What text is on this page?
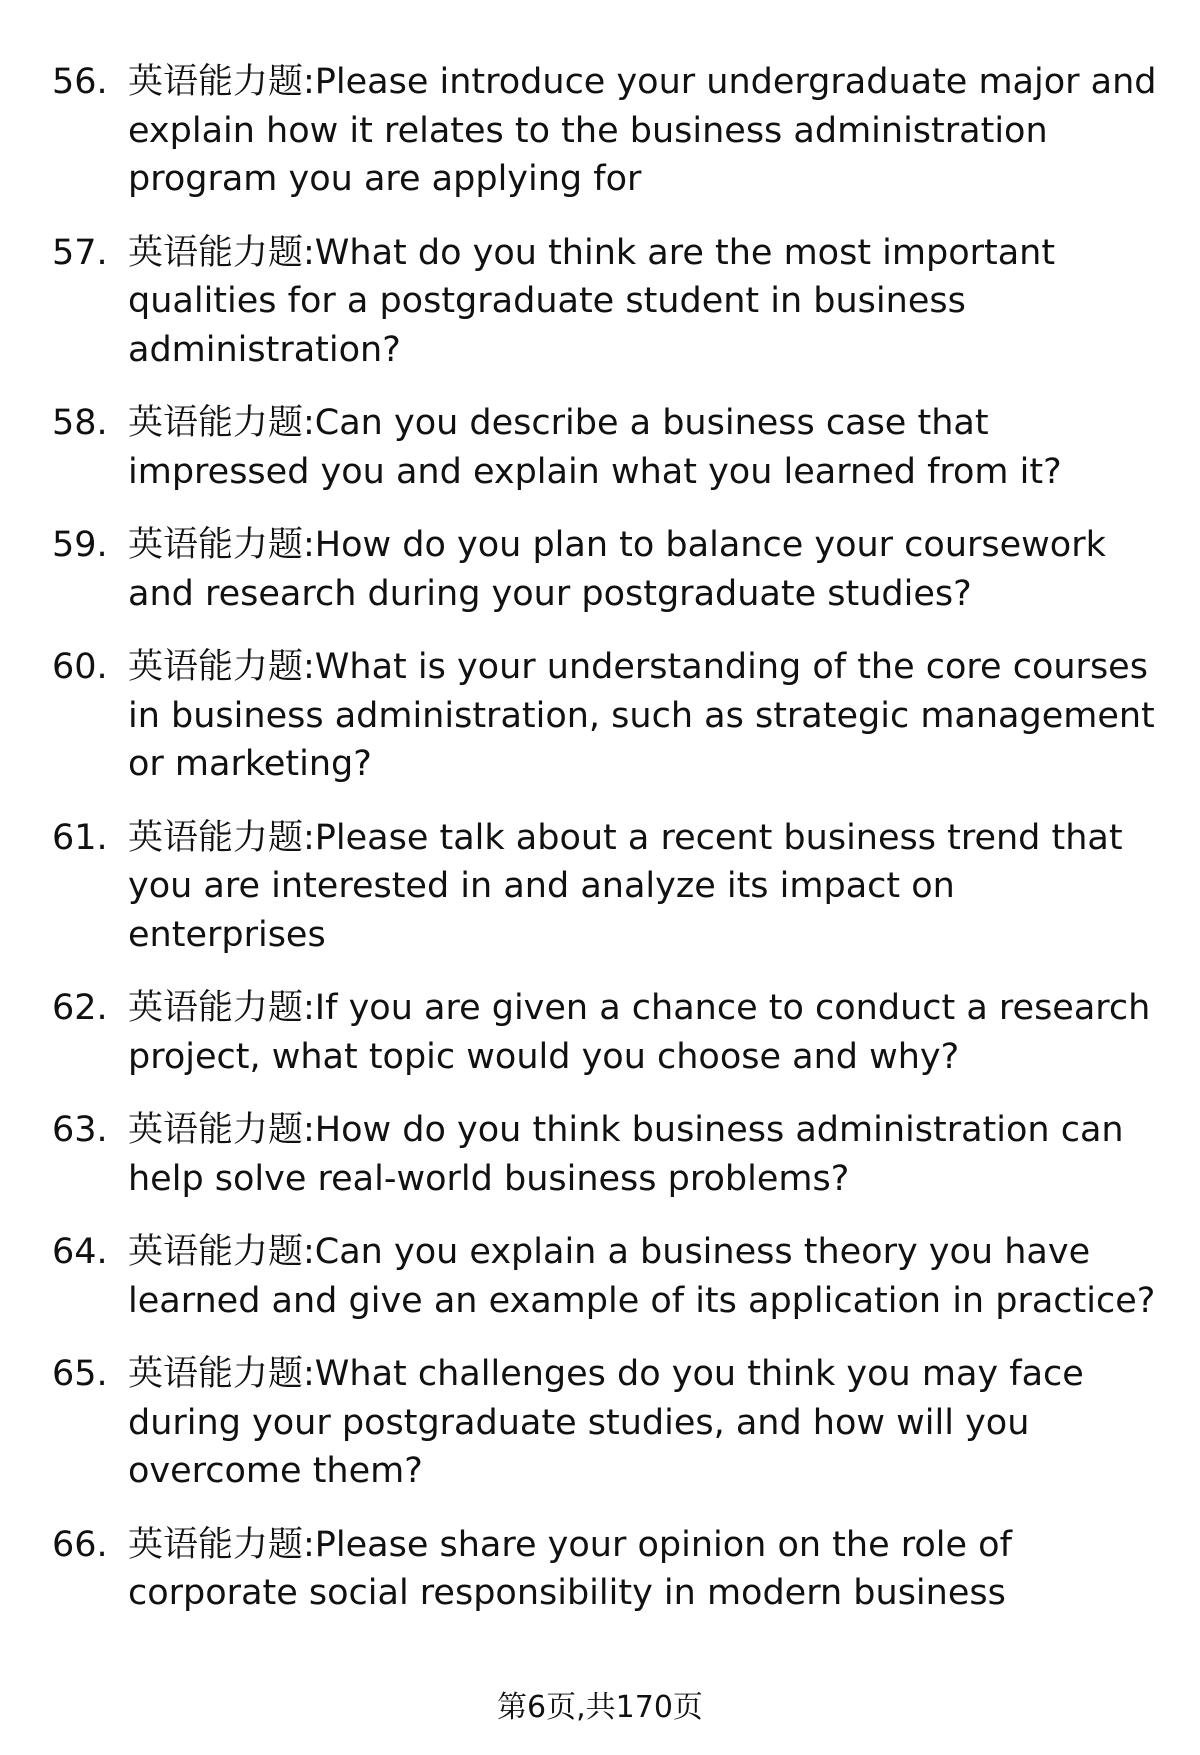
56. 英语能力题:Please introduce your undergraduate major and explain how it relates to the business administration program you are applying for
57. 英语能力题:What do you think are the most important qualities for a postgraduate student in business administration?
58. 英语能力题:Can you describe a business case that impressed you and explain what you learned from it?
59. 英语能力题:How do you plan to balance your coursework and research during your postgraduate studies?
60. 英语能力题:What is your understanding of the core courses in business administration, such as strategic management or marketing?
61. 英语能力题:Please talk about a recent business trend that you are interested in and analyze its impact on enterprises
62. 英语能力题:If you are given a chance to conduct a research project, what topic would you choose and why?
63. 英语能力题:How do you think business administration can help solve real-world business problems?
64. 英语能力题:Can you explain a business theory you have learned and give an example of its application in practice?
65. 英语能力题:What challenges do you think you may face during your postgraduate studies, and how will you overcome them?
66. 英语能力题:Please share your opinion on the role of corporate social responsibility in modern business
第6页,共170页
